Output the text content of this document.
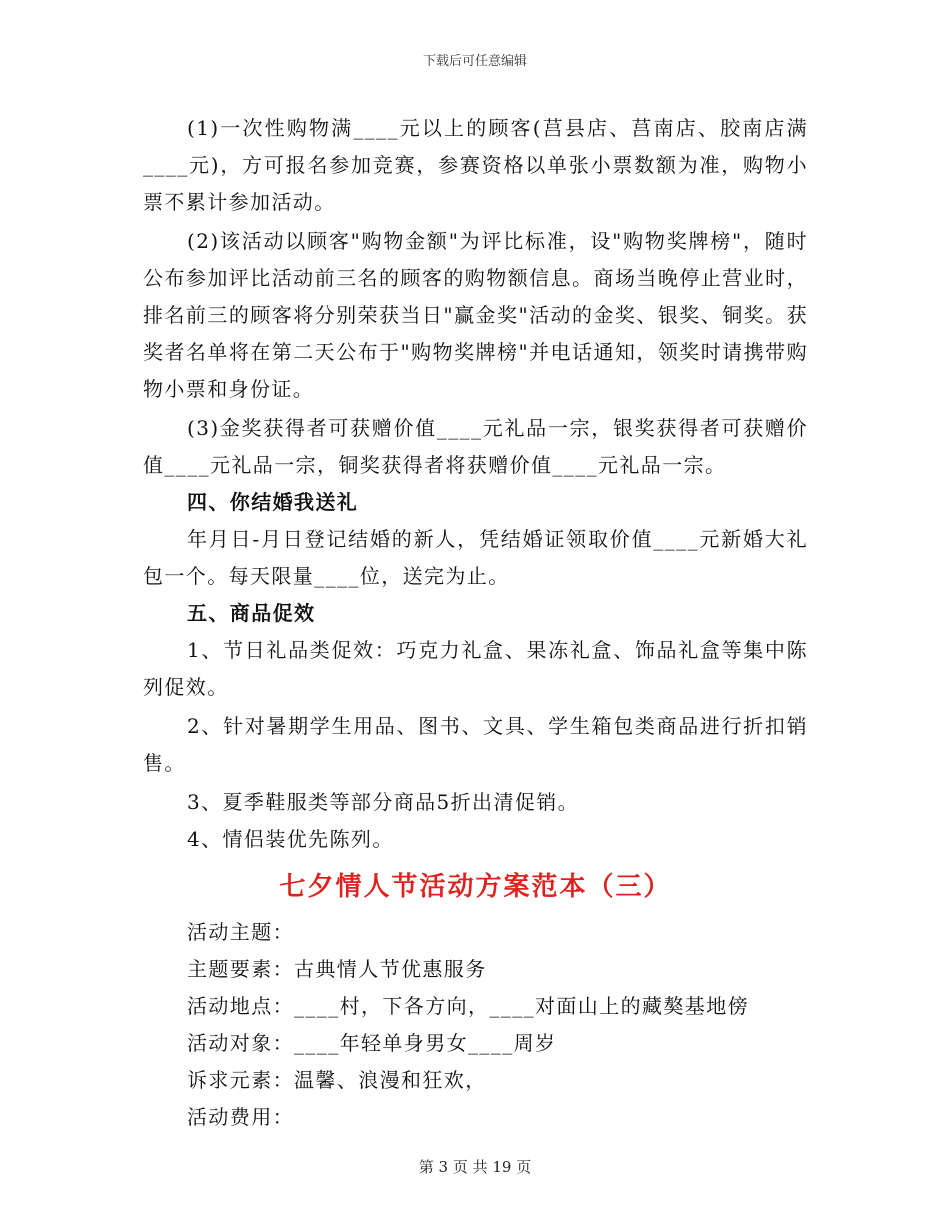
下载后可任意编辑

(1)一次性购物满____元以上的顾客(莒县店、莒南店、胶南店满____元)，方可报名参加竞赛，参赛资格以单张小票数额为准，购物小票不累计参加活动。

(2)该活动以顾客"购物金额"为评比标准，设"购物奖牌榜"，随时公布参加评比活动前三名的顾客的购物额信息。商场当晚停止营业时，排名前三的顾客将分别荣获当日"赢金奖"活动的金奖、银奖、铜奖。获奖者名单将在第二天公布于"购物奖牌榜"并电话通知，领奖时请携带购物小票和身份证。

(3)金奖获得者可获赠价值____元礼品一宗，银奖获得者可获赠价值____元礼品一宗，铜奖获得者将获赠价值____元礼品一宗。

四、你结婚我送礼

年月日-月日登记结婚的新人，凭结婚证领取价值____元新婚大礼包一个。每天限量____位，送完为止。

五、商品促效

1、节日礼品类促效：巧克力礼盒、果冻礼盒、饰品礼盒等集中陈列促效。

2、针对暑期学生用品、图书、文具、学生箱包类商品进行折扣销售。

3、夏季鞋服类等部分商品5折出清促销。

4、情侣装优先陈列。

七夕情人节活动方案范本（三）

活动主题：

主题要素：古典情人节优惠服务

活动地点：____村，下各方向，____对面山上的藏獒基地傍

活动对象：____年轻单身男女____周岁

诉求元素：温馨、浪漫和狂欢，

活动费用：

第 3 页 共 19 页
